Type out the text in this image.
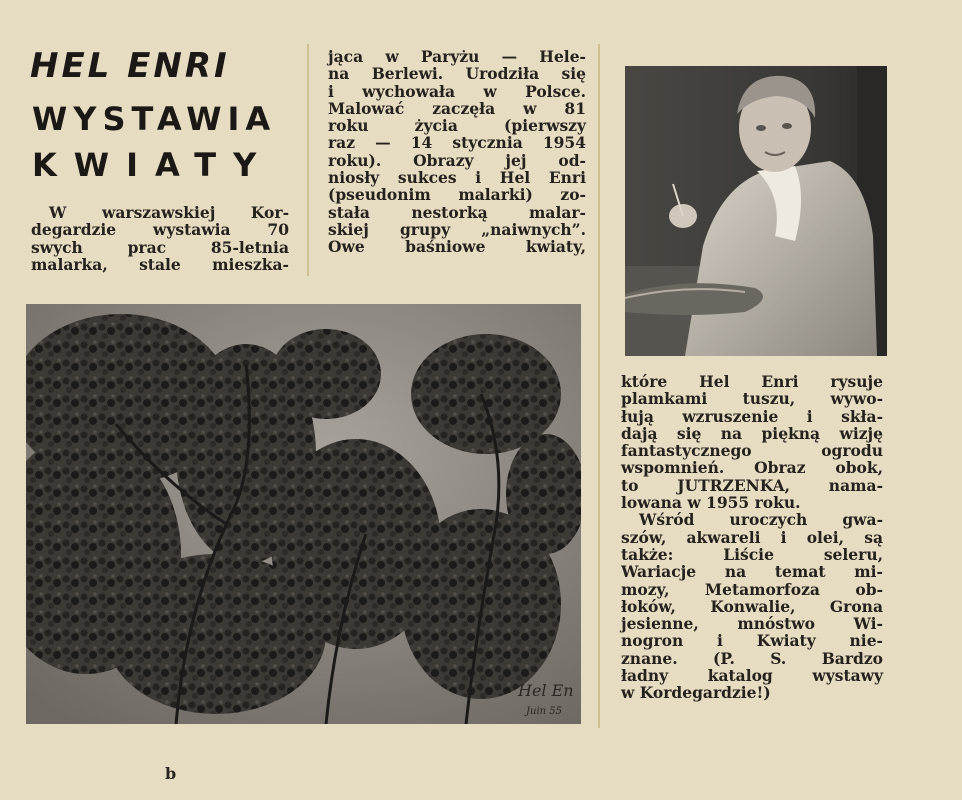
HEL ENRI
WYSTAWIA
KWIATY

W warszawskiej Kor-

degardzie wystawia 70

swych prac 85-letnia

malarka, stale mieszka-

jąca w Paryżu — Hele-

na Berlewi. Urodziła się

i wychowała w Polsce.

Malować zaczęła w 81

roku życia (pierwszy

raz — 14 stycznia 1954

roku). Obrazy jej od-

niosły sukces i Hel Enri

(pseudonim malarki) zo-

stała nestorką malar-

skiej grupy „naiwnych”.

Owe baśniowe kwiaty,

Hel En
Juin 55

które Hel Enri rysuje

plamkami tuszu, wywo-

łują wzruszenie i skła-

dają się na piękną wizję

fantastycznego ogrodu

wspomnień. Obraz obok,

to JUTRZENKA, nama-

lowana w 1955 roku.

Wśród uroczych gwa-

szów, akwareli i olei, są

także: Liście seleru,

Wariacje na temat mi-

mozy, Metamorfoza ob-

łoków, Konwalie, Grona

jesienne, mnóstwo Wi-

nogron i Kwiaty nie-

znane. (P. S. Bardzo

ładny katalog wystawy

w Kordegardzie!)

b
